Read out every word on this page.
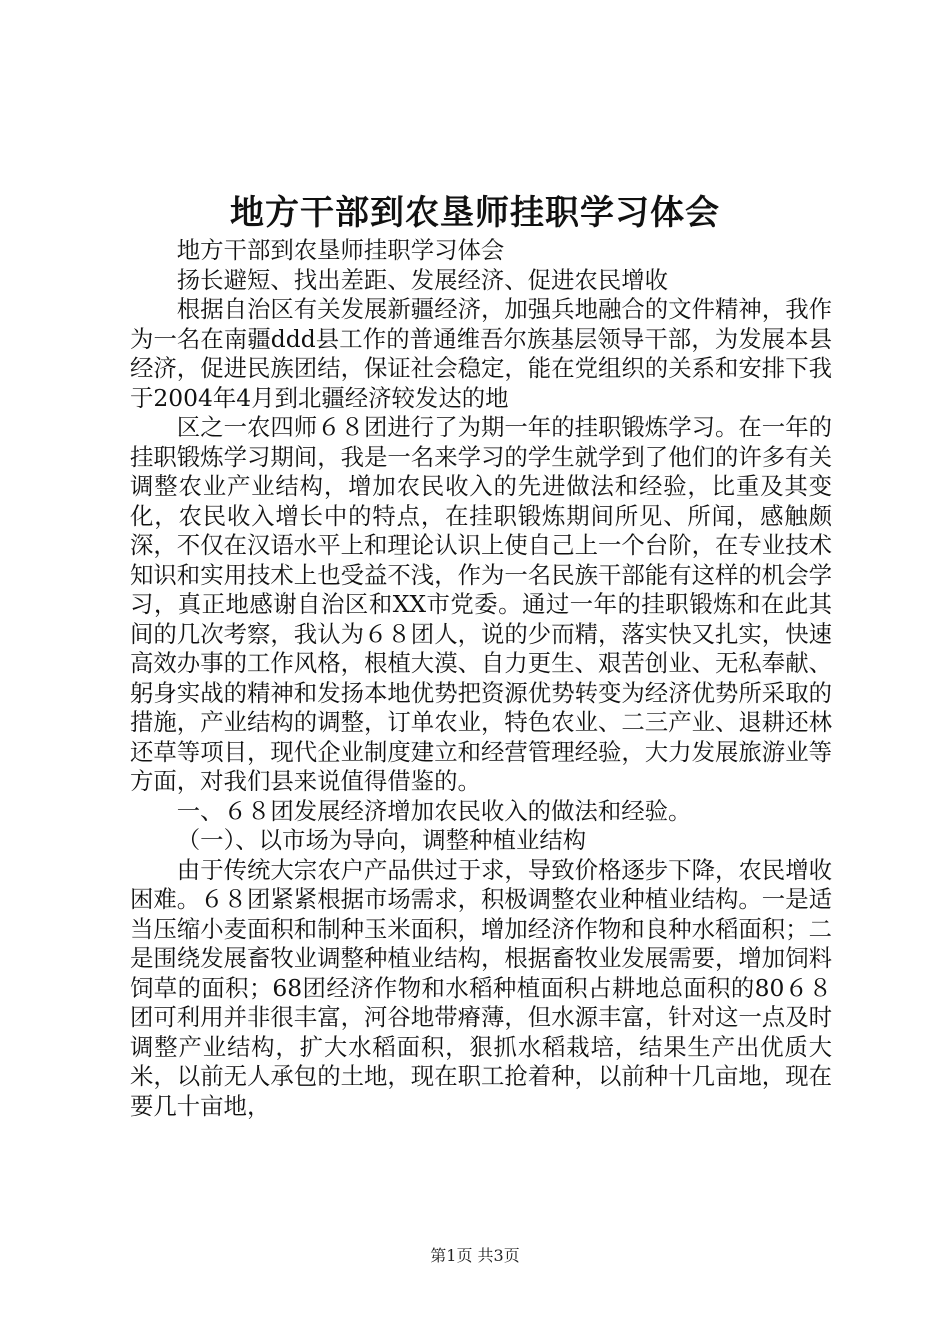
地方干部到农垦师挂职学习体会

地方干部到农垦师挂职学习体会

扬长避短、找出差距、发展经济、促进农民增收

根据自治区有关发展新疆经济，加强兵地融合的文件精神，我作为一名在南疆ddd县工作的普通维吾尔族基层领导干部，为发展本县经济，促进民族团结，保证社会稳定，能在党组织的关系和安排下我于2004年4月到北疆经济较发达的地

区之一农四师６８团进行了为期一年的挂职锻炼学习。在一年的挂职锻炼学习期间，我是一名来学习的学生就学到了他们的许多有关调整农业产业结构，增加农民收入的先进做法和经验，比重及其变化，农民收入增长中的特点，在挂职锻炼期间所见、所闻，感触颇深，不仅在汉语水平上和理论认识上使自己上一个台阶，在专业技术知识和实用技术上也受益不浅，作为一名民族干部能有这样的机会学习，真正地感谢自治区和XX市党委。通过一年的挂职锻炼和在此其间的几次考察，我认为６８团人，说的少而精，落实快又扎实，快速高效办事的工作风格，根植大漠、自力更生、艰苦创业、无私奉献、躬身实战的精神和发扬本地优势把资源优势转变为经济优势所采取的措施，产业结构的调整，订单农业，特色农业、二三产业、退耕还林还草等项目，现代企业制度建立和经营管理经验，大力发展旅游业等方面，对我们县来说值得借鉴的。

一、６８团发展经济增加农民收入的做法和经验。

（一）、以市场为导向，调整种植业结构

由于传统大宗农户产品供过于求，导致价格逐步下降，农民增收困难。６８团紧紧根据市场需求，积极调整农业种植业结构。一是适当压缩小麦面积和制种玉米面积，增加经济作物和良种水稻面积；二是围绕发展畜牧业调整种植业结构，根据畜牧业发展需要，增加饲料饲草的面积；68团经济作物和水稻种植面积占耕地总面积的80６８团可利用并非很丰富，河谷地带瘠薄，但水源丰富，针对这一点及时调整产业结构，扩大水稻面积，狠抓水稻栽培，结果生产出优质大米，以前无人承包的土地，现在职工抢着种，以前种十几亩地，现在要几十亩地，

第1页 共3页
